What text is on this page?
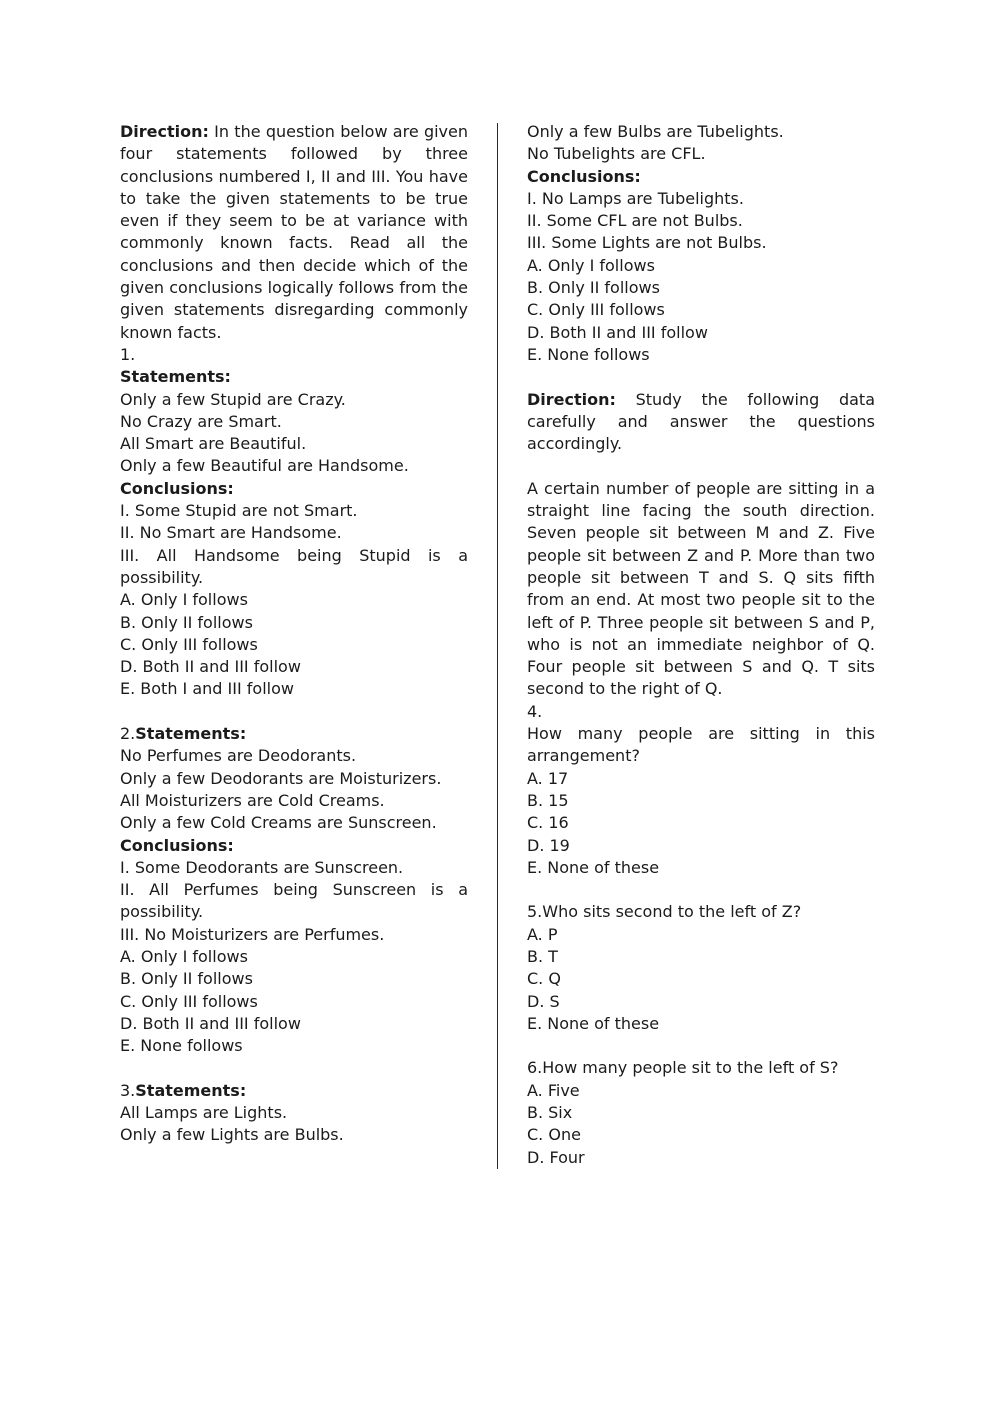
Direction: In the question below are given four statements followed by three conclusions numbered I, II and III. You have to take the given statements to be true even if they seem to be at variance with commonly known facts. Read all the conclusions and then decide which of the given conclusions logically follows from the given statements disregarding commonly known facts.

1.

Statements:

Only a few Stupid are Crazy.

No Crazy are Smart.

All Smart are Beautiful.

Only a few Beautiful are Handsome.

Conclusions:

I. Some Stupid are not Smart.

II. No Smart are Handsome.

III. All Handsome being Stupid is a possibility.

A. Only I follows

B. Only II follows

C. Only III follows

D. Both II and III follow

E. Both I and III follow

2.Statements:

No Perfumes are Deodorants.

Only a few Deodorants are Moisturizers.

All Moisturizers are Cold Creams.

Only a few Cold Creams are Sunscreen.

Conclusions:

I. Some Deodorants are Sunscreen.

II. All Perfumes being Sunscreen is a possibility.

III. No Moisturizers are Perfumes.

A. Only I follows

B. Only II follows

C. Only III follows

D. Both II and III follow

E. None follows

3.Statements:

All Lamps are Lights.

Only a few Lights are Bulbs.

Only a few Bulbs are Tubelights.

No Tubelights are CFL.

Conclusions:

I. No Lamps are Tubelights.

II. Some CFL are not Bulbs.

III. Some Lights are not Bulbs.

A. Only I follows

B. Only II follows

C. Only III follows

D. Both II and III follow

E. None follows

Direction: Study the following data carefully and answer the questions accordingly.

A certain number of people are sitting in a straight line facing the south direction. Seven people sit between M and Z. Five people sit between Z and P. More than two people sit between T and S. Q sits fifth from an end. At most two people sit to the left of P. Three people sit between S and P, who is not an immediate neighbor of Q. Four people sit between S and Q. T sits second to the right of Q.

4.

How many people are sitting in this arrangement?

A. 17

B. 15

C. 16

D. 19

E. None of these

5.Who sits second to the left of Z?

A. P

B. T

C. Q

D. S

E. None of these

6.How many people sit to the left of S?

A. Five

B. Six

C. One

D. Four
